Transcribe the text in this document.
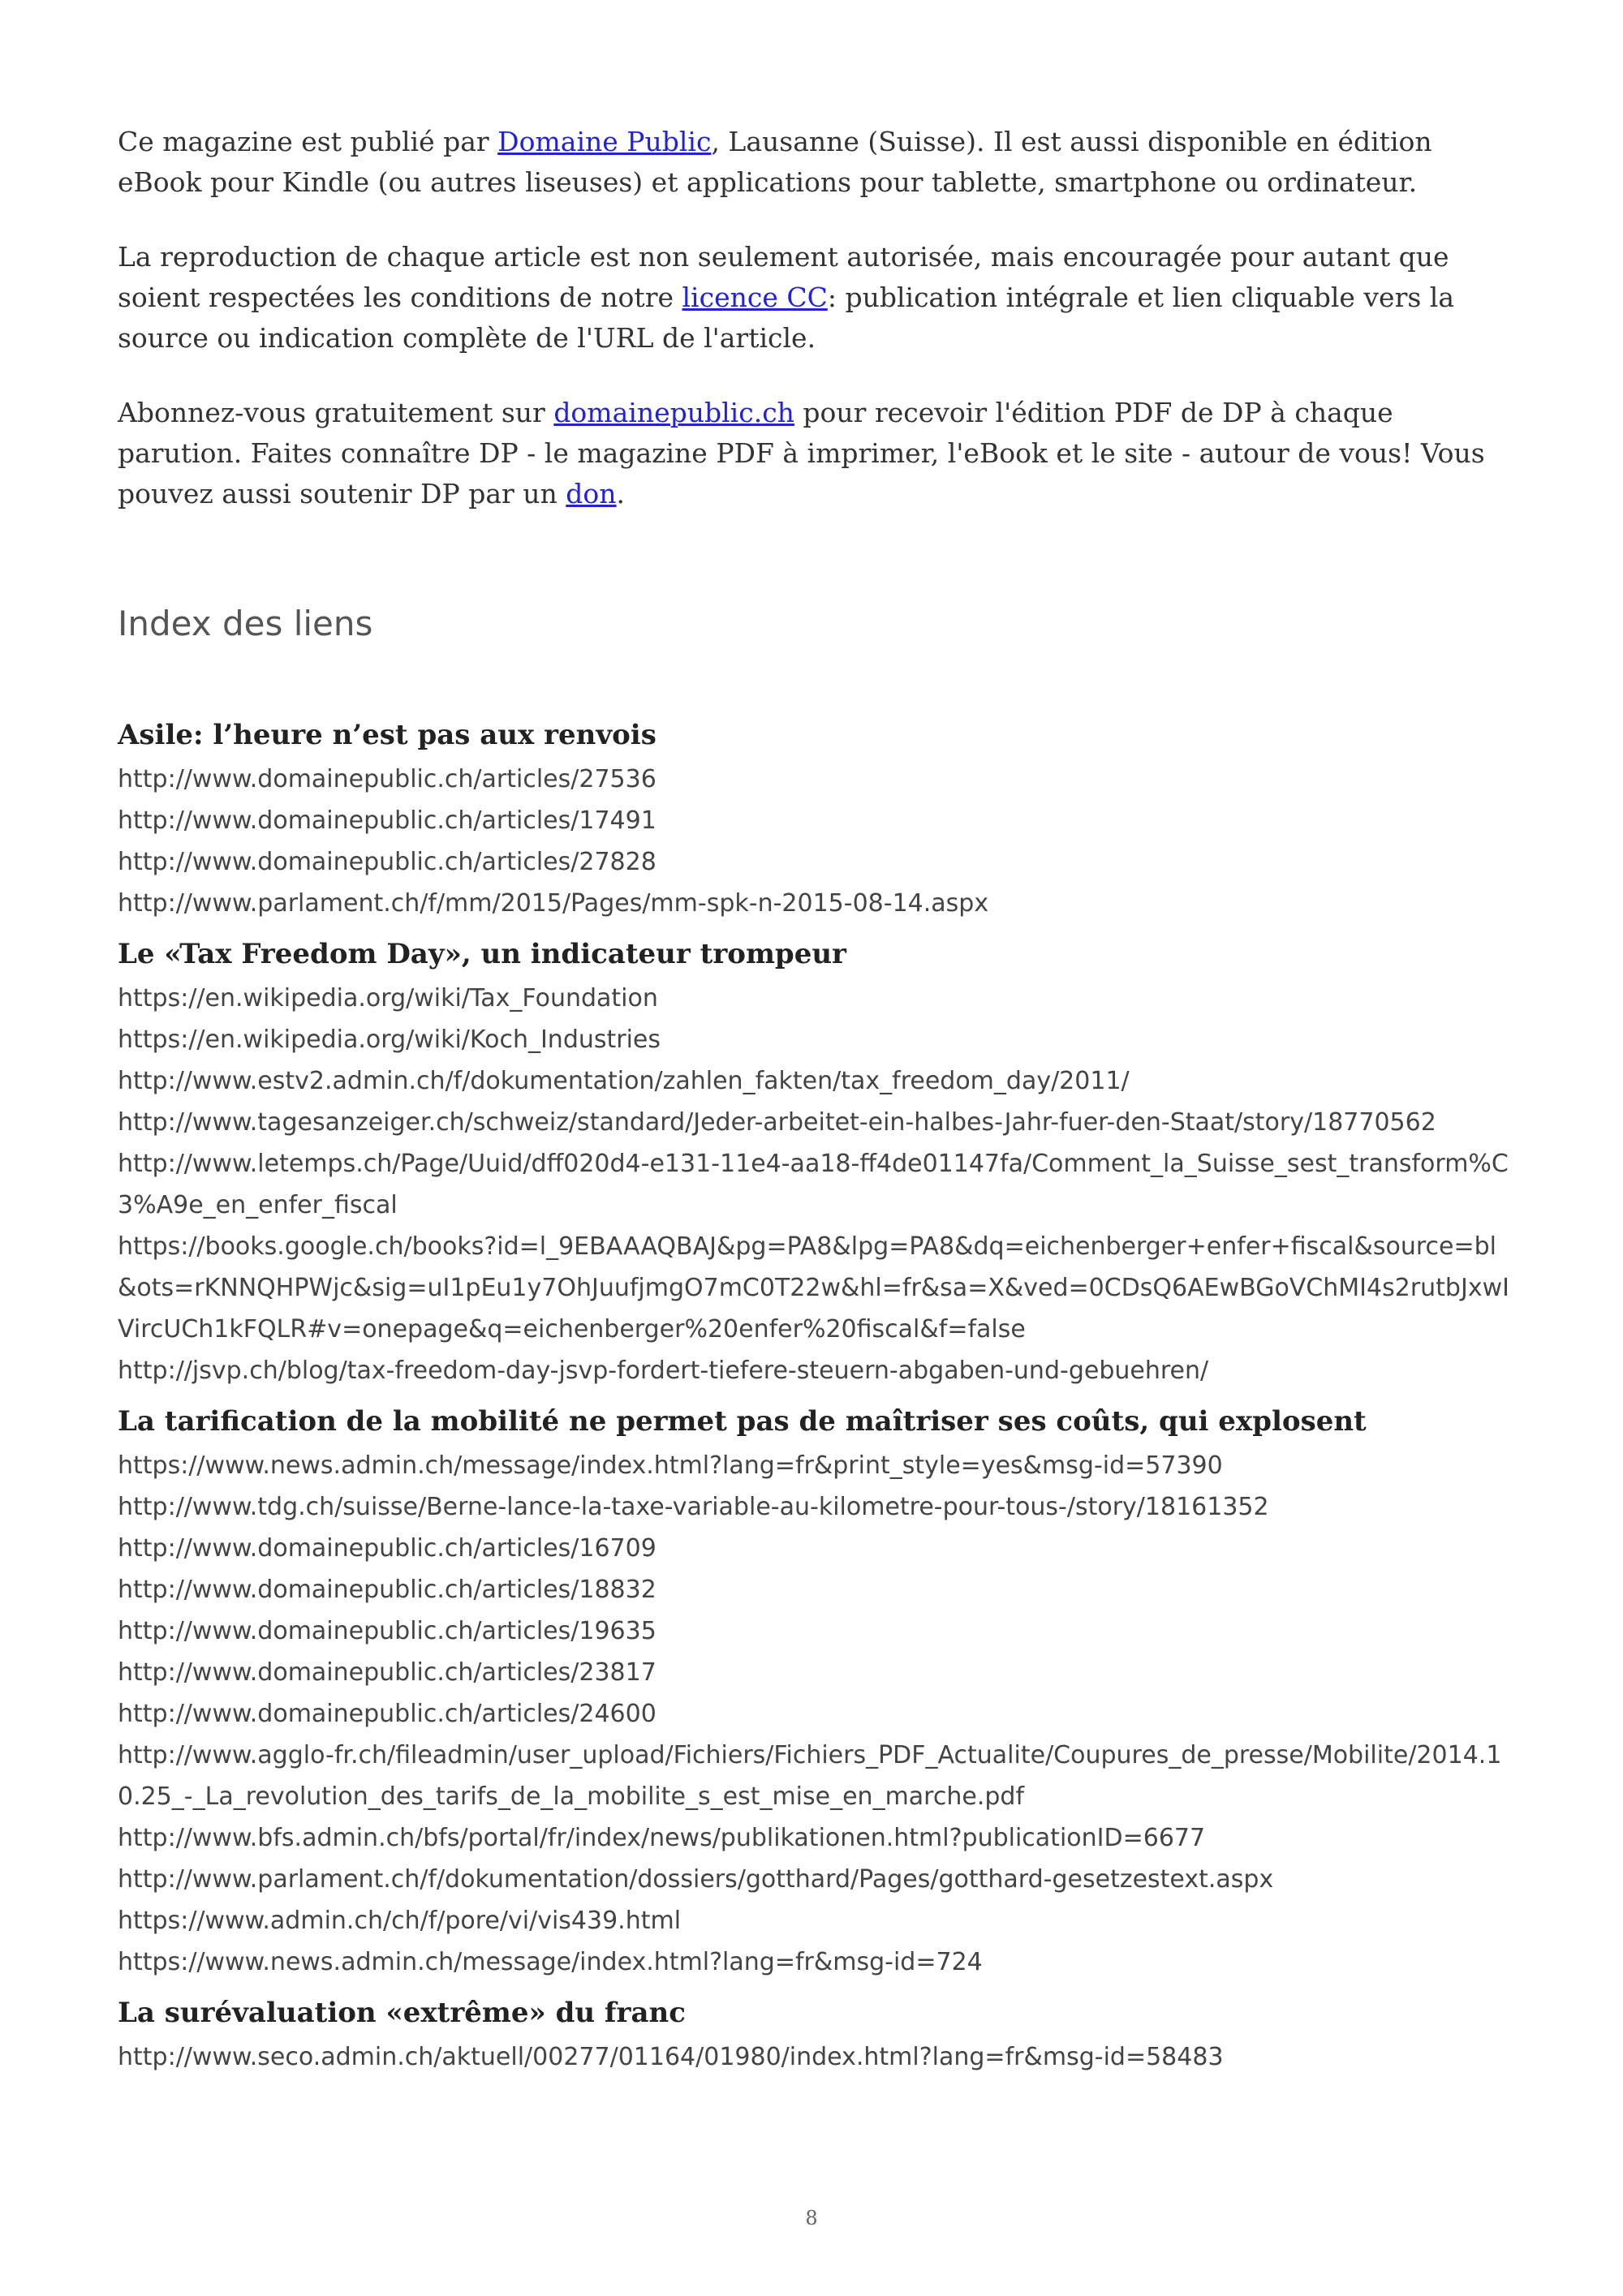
Ce magazine est publié par Domaine Public, Lausanne (Suisse). Il est aussi disponible en édition eBook pour Kindle (ou autres liseuses) et applications pour tablette, smartphone ou ordinateur.

La reproduction de chaque article est non seulement autorisée, mais encouragée pour autant que soient respectées les conditions de notre licence CC: publication intégrale et lien cliquable vers la source ou indication complète de l'URL de l'article.

Abonnez-vous gratuitement sur domainepublic.ch pour recevoir l'édition PDF de DP à chaque parution. Faites connaître DP - le magazine PDF à imprimer, l'eBook et le site - autour de vous! Vous pouvez aussi soutenir DP par un don.

Index des liens
Asile: l’heure n’est pas aux renvois
http://www.domainepublic.ch/articles/27536
http://www.domainepublic.ch/articles/17491
http://www.domainepublic.ch/articles/27828
http://www.parlament.ch/f/mm/2015/Pages/mm-spk-n-2015-08-14.aspx
Le «Tax Freedom Day», un indicateur trompeur
https://en.wikipedia.org/wiki/Tax_Foundation
https://en.wikipedia.org/wiki/Koch_Industries
http://www.estv2.admin.ch/f/dokumentation/zahlen_fakten/tax_freedom_day/2011/
http://www.tagesanzeiger.ch/schweiz/standard/Jeder-arbeitet-ein-halbes-Jahr-fuer-den-Staat/story/18770562
http://www.letemps.ch/Page/Uuid/dff020d4-e131-11e4-aa18-ff4de01147fa/Comment_la_Suisse_sest_transform%C3%A9e_en_enfer_fiscal
https://books.google.ch/books?id=l_9EBAAAQBAJ&pg=PA8&lpg=PA8&dq=eichenberger+enfer+fiscal&source=bl&ots=rKNNQHPWjc&sig=uI1pEu1y7OhJuufjmgO7mC0T22w&hl=fr&sa=X&ved=0CDsQ6AEwBGoVChMI4s2rutbJxwIVircUCh1kFQLR#v=onepage&q=eichenberger%20enfer%20fiscal&f=false
http://jsvp.ch/blog/tax-freedom-day-jsvp-fordert-tiefere-steuern-abgaben-und-gebuehren/
La tarification de la mobilité ne permet pas de maîtriser ses coûts, qui explosent
https://www.news.admin.ch/message/index.html?lang=fr&print_style=yes&msg-id=57390
http://www.tdg.ch/suisse/Berne-lance-la-taxe-variable-au-kilometre-pour-tous-/story/18161352
http://www.domainepublic.ch/articles/16709
http://www.domainepublic.ch/articles/18832
http://www.domainepublic.ch/articles/19635
http://www.domainepublic.ch/articles/23817
http://www.domainepublic.ch/articles/24600
http://www.agglo-fr.ch/fileadmin/user_upload/Fichiers/Fichiers_PDF_Actualite/Coupures_de_presse/Mobilite/2014.10.25_-_La_revolution_des_tarifs_de_la_mobilite_s_est_mise_en_marche.pdf
http://www.bfs.admin.ch/bfs/portal/fr/index/news/publikationen.html?publicationID=6677
http://www.parlament.ch/f/dokumentation/dossiers/gotthard/Pages/gotthard-gesetzestext.aspx
https://www.admin.ch/ch/f/pore/vi/vis439.html
https://www.news.admin.ch/message/index.html?lang=fr&msg-id=724
La surévaluation «extrême» du franc
http://www.seco.admin.ch/aktuell/00277/01164/01980/index.html?lang=fr&msg-id=58483
8
